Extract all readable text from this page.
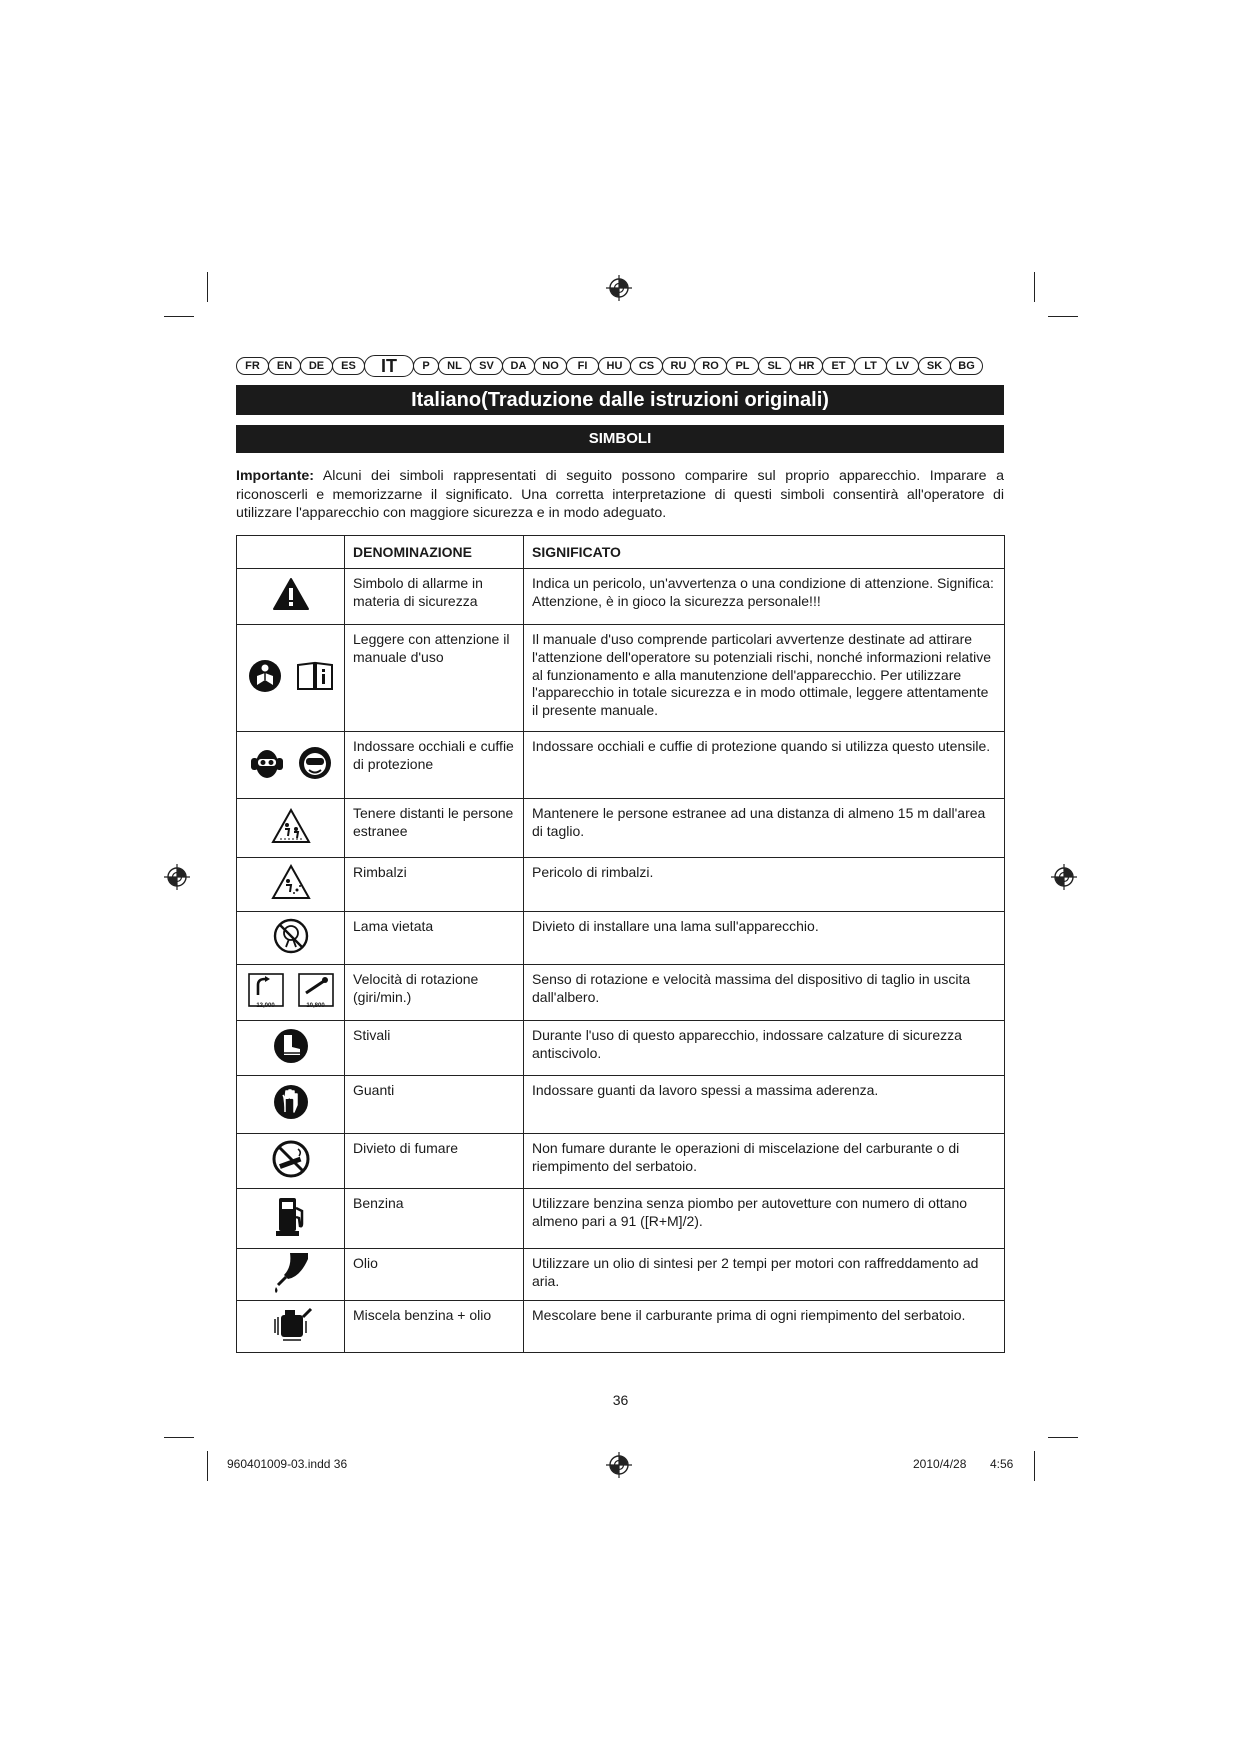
FR	EN	DE	ES	IT	P	NL	SV	DA	NO	FI	HU	CS	RU	RO	PL	SL	HR	ET	LT	LV	SK	BG
Italiano(Traduzione dalle istruzioni originali)
SIMBOLI
Importante: Alcuni dei simboli rappresentati di seguito possono comparire sul proprio apparecchio. Imparare a riconoscerli e memorizzarne il significato. Una corretta interpretazione di questi simboli consentirà all'operatore di utilizzare l'apparecchio con maggiore sicurezza e in modo adeguato.
	DENOMINAZIONE	SIGNIFICATO

	Simbolo di allarme in materia di sicurezza	Indica un pericolo, un'avvertenza o una condizione di attenzione. Significa: Attenzione, è in gioco la sicurezza personale!!!

	Leggere con attenzione il manuale d'uso	Il manuale d'uso comprende particolari avvertenze destinate ad attirare l'attenzione dell'operatore su potenziali rischi, nonché informazioni relative al funzionamento e alla manutenzione dell'apparecchio. Per utilizzare l'apparecchio in totale sicurezza e in modo ottimale, leggere attentamente il presente manuale.

	Indossare occhiali e cuffie di protezione	Indossare occhiali e cuffie di protezione quando si utilizza questo utensile.

	Tenere distanti le persone estranee	Mantenere le persone estranee ad una distanza di almeno 15 m dall'area di taglio.

	Rimbalzi	Pericolo di rimbalzi.

	Lama vietata	Divieto di installare una lama sull'apparecchio.

12,000 10,800	Velocità di rotazione (giri/min.)	Senso di rotazione e velocità massima del dispositivo di taglio in uscita dall'albero.

	Stivali	Durante l'uso di questo apparecchio, indossare calzature di sicurezza antiscivolo.

	Guanti	Indossare guanti da lavoro spessi a massima aderenza.

	Divieto di fumare	Non fumare durante le operazioni di miscelazione del carburante o di riempimento del serbatoio.

	Benzina	Utilizzare benzina senza piombo per autovetture con numero di ottano almeno pari a 91 ([R+M]/2).

	Olio	Utilizzare un olio di sintesi per 2 tempi per motori con raffreddamento ad aria.

	Miscela benzina + olio	Mescolare bene il carburante prima di ogni riempimento del serbatoio.
36
960401009-03.indd 36	2010/4/28 4:56
